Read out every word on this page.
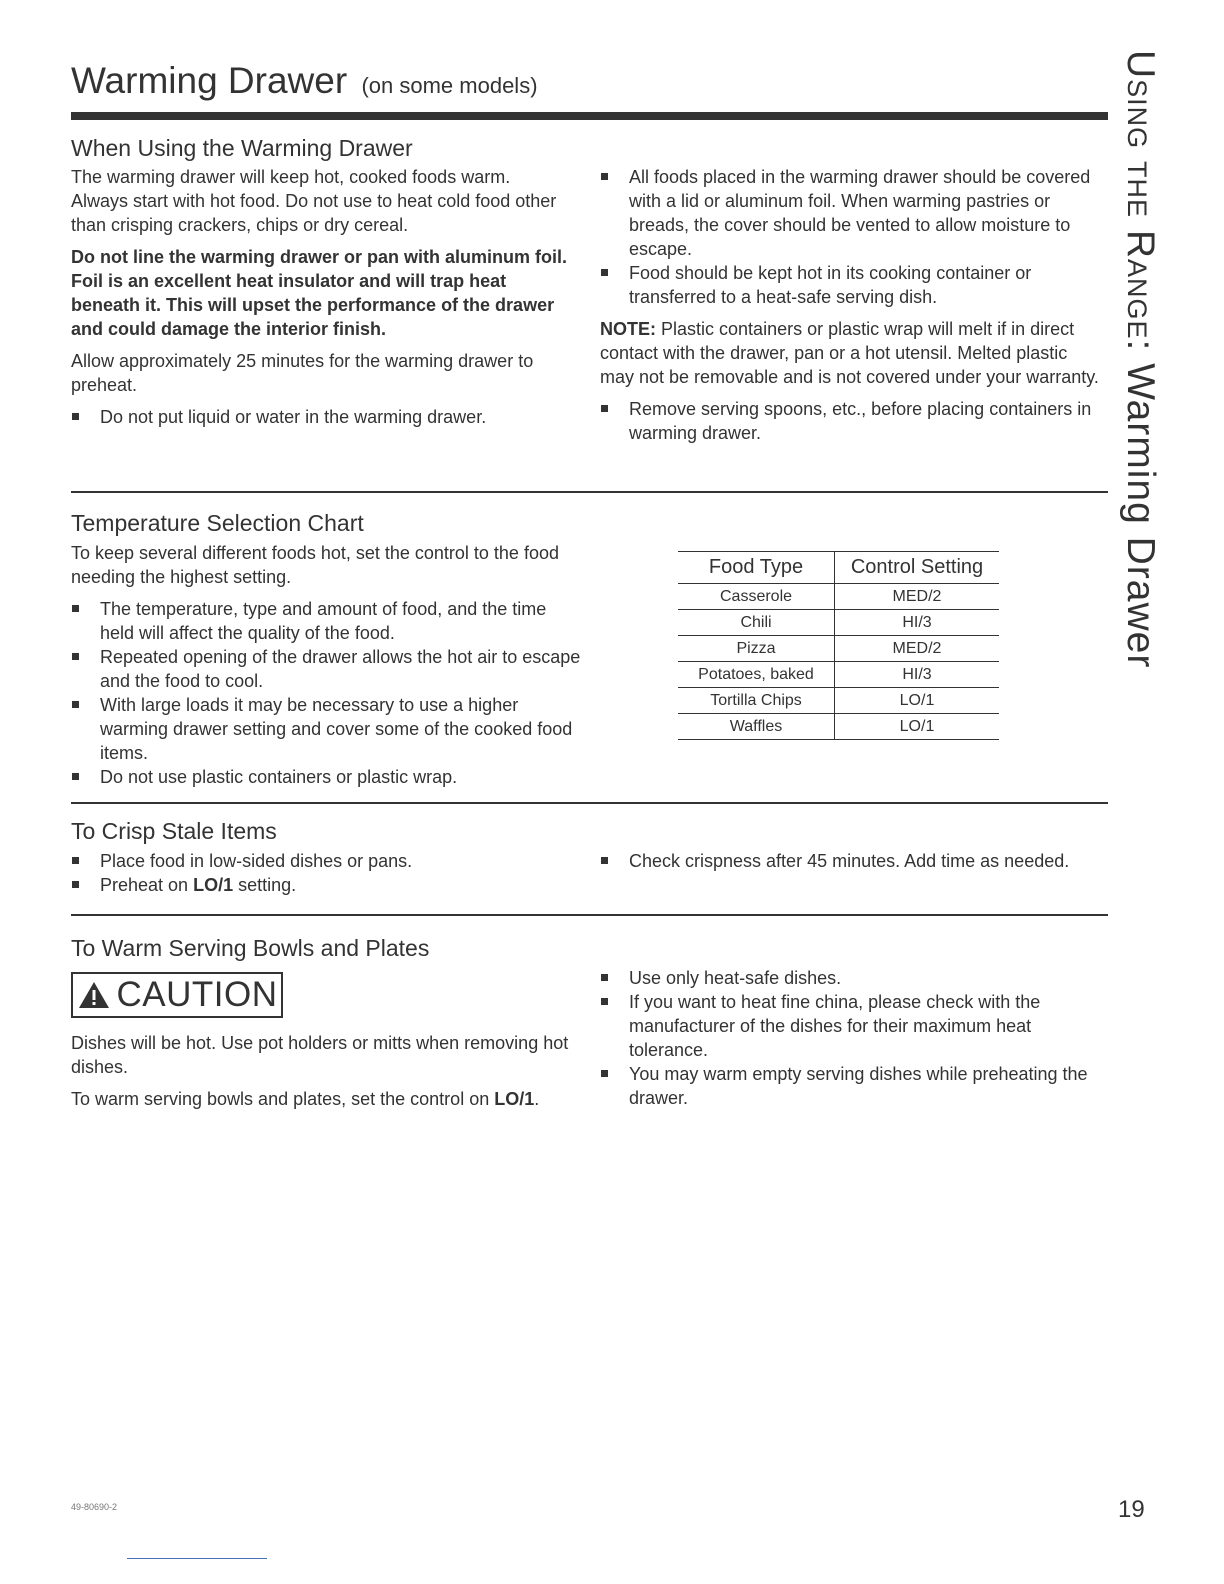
Warming Drawer (on some models)	Using the Range: Warming Drawer
When Using the Warming Drawer

The warming drawer will keep hot, cooked foods warm. Always start with hot food. Do not use to heat cold food other than crisping crackers, chips or dry cereal.

Do not line the warming drawer or pan with aluminum foil. Foil is an excellent heat insulator and will trap heat beneath it. This will upset the performance of the drawer and could damage the interior finish.

Allow approximately 25 minutes for the warming drawer to preheat.

Do not put liquid or water in the warming drawer.
All foods placed in the warming drawer should be covered with a lid or aluminum foil. When warming pastries or breads, the cover should be vented to allow moisture to escape.
Food should be kept hot in its cooking container or transferred to a heat-safe serving dish.

NOTE: Plastic containers or plastic wrap will melt if in direct contact with the drawer, pan or a hot utensil. Melted plastic may not be removable and is not covered under your warranty.

Remove serving spoons, etc., before placing containers in warming drawer.
Temperature Selection Chart

To keep several different foods hot, set the control to the food needing the highest setting.

The temperature, type and amount of food, and the time held will affect the quality of the food.
Repeated opening of the drawer allows the hot air to escape and the food to cool.
With large loads it may be necessary to use a higher warming drawer setting and cover some of the cooked food items.
Do not use plastic containers or plastic wrap.
Food Type	Control Setting
Casserole	MED/2
Chili	HI/3
Pizza	MED/2
Potatoes, baked	HI/3
Tortilla Chips	LO/1
Waffles	LO/1
To Crisp Stale Items
Place food in low-sided dishes or pans.
Preheat on LO/1 setting.
Check crispness after 45 minutes. Add time as needed.
To Warm Serving Bowls and Plates
CAUTION

Dishes will be hot. Use pot holders or mitts when removing hot dishes.

To warm serving bowls and plates, set the control on LO/1.

Use only heat-safe dishes.
If you want to heat fine china, please check with the manufacturer of the dishes for their maximum heat tolerance.
You may warm empty serving dishes while preheating the drawer.
49-80690-2	19
